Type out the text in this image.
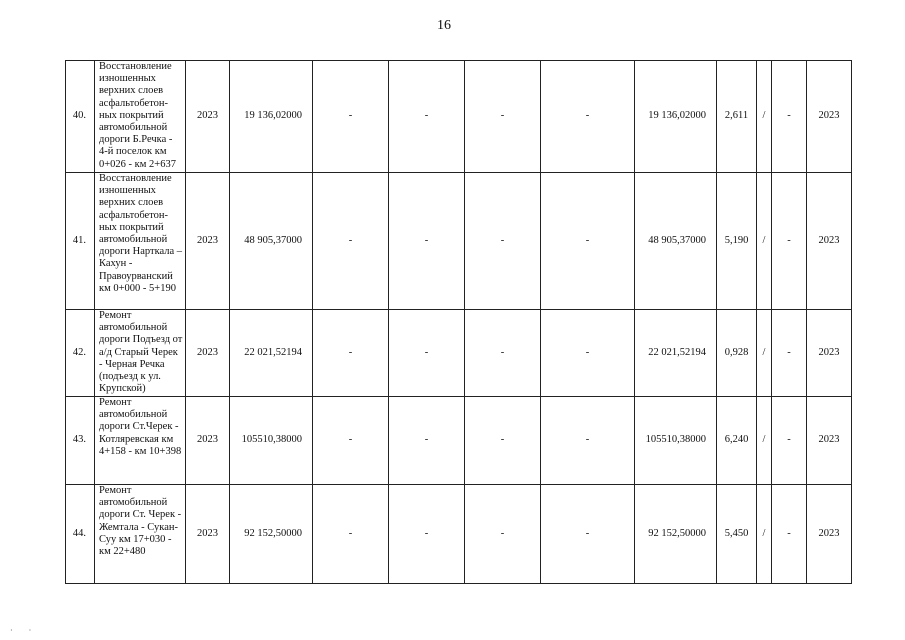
16
40.	Восстановление изношенных верхних слоев асфальтобетон-ных покрытий автомобильной дороги Б.Речка - 4-й поселок км 0+026 - км 2+637	2023	19 136,02000	-	-	-	-	19 136,02000	2,611	/	-	2023
41.	Восстановление изношенных верхних слоев асфальтобетон-ных покрытий автомобильной дороги Нарткала – Кахун - Правоурванский км 0+000 - 5+190	2023	48 905,37000	-	-	-	-	48 905,37000	5,190	/	-	2023
42.	Ремонт автомобильной дороги Подъезд от а/д Старый Черек - Черная Речка (подъезд к ул. Крупской)	2023	22 021,52194	-	-	-	-	22 021,52194	0,928	/	-	2023
43.	Ремонт автомобильной дороги Ст.Черек - Котляревская км 4+158 - км 10+398	2023	105510,38000	-	-	-	-	105510,38000	6,240	/	-	2023
44.	Ремонт автомобильной дороги Ст. Черек - Жемтала - Сукан-Суу км 17+030 - км 22+480	2023	92 152,50000	-	-	-	-	92 152,50000	5,450	/	-	2023
·        ·
